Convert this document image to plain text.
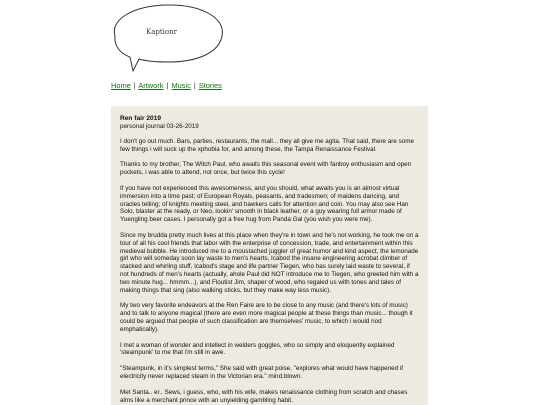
Kaptionr
Home | Artwork | Music | Stories

Ren fair 2019

personal journal 03-26-2019

I don't go out much. Bars, parties, restaurants, the mall... they all give me agita. That said, there are some few things i will suck up the xphobia for, and among these, the Tampa Renaissance Festival.

Thanks to my brother, The Witch Paul, who awaits this seasonal event with fanboy enthusiasm and open pockets, i was able to attend, not once, but twice this cycle!

If you have not experienced this awesomeness, and you should, what awaits you is an almost virtual immersion into a time past; of European Royals, peasants, and tradesmen; of maidens dancing, and oracles telling; of knights meeting steel, and hawkers calls for attention and coin. You may also see Han Solo, blaster at the ready, or Neo, lookin' smooth in black leather, or a guy wearing full armor made of Yuengling beer cases. I personally got a free hug from Panda Gal (you wish you were me).

Since my brudda pretty much lives at this place when they're in town and he's not working, he took me on a tour of all his cool friends that labor with the enterprise of concession, trade, and entertainment within this medieval bubble. He introduced me to a moustached juggler of great humor and kind aspect, the lemonade girl who will someday soon lay waste to men's hearts, Icabod the insane engineering acrobat climber of stacked and whirling stuff, Icabod's stage and life partner Tiegen, who has surely laid waste to several, if not hundreds of men's hearts (actually, ahole Paul did NOT introduce me to Tiegen, who greeted him with a two minute hug... hmmm...), and Floutist Jim, shaper of wood, who regaled us with tones and tales of making things that sing (also walking sticks, but they make way less music).

My two very favorite endeavors at the Ren Faire are to be close to any music (and there's lots of music) and to talk to anyone magical (there are even more magical people at these things than music... though it could be argued that people of such classification are themselves' music, to which i would nod emphatically).

I met a woman of wonder and intellect in welders goggles, who so simply and eloquently explained 'steampunk' to me that i'm still in awe.

"Steampunk, in it's simplest terms," She said with great poise, "explores what would have happened if electricity never replaced steam in the Victorian era." mind.blown.

Met Santa.. er.. Sews, i guess, who, with his wife, makes renaissance clothing from scratch and chases alms like a merchant prince with an unyielding gambling habit.
